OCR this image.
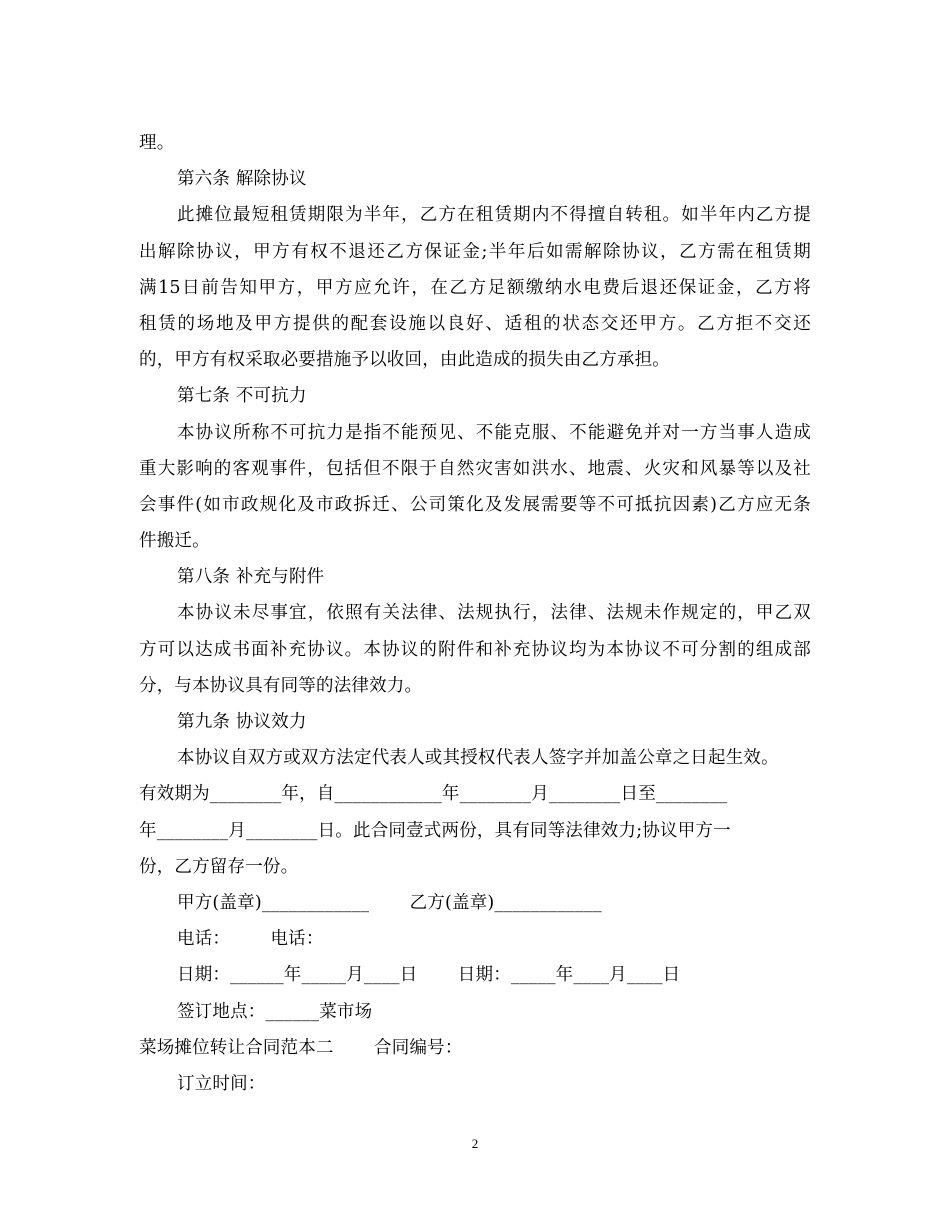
理。
第六条 解除协议
此摊位最短租赁期限为半年，乙方在租赁期内不得擅自转租。如半年内乙方提
出解除协议，甲方有权不退还乙方保证金;半年后如需解除协议，乙方需在租赁期
满15日前告知甲方，甲方应允许，在乙方足额缴纳水电费后退还保证金，乙方将
租赁的场地及甲方提供的配套设施以良好、适租的状态交还甲方。乙方拒不交还
的，甲方有权采取必要措施予以收回，由此造成的损失由乙方承担。
第七条 不可抗力
本协议所称不可抗力是指不能预见、不能克服、不能避免并对一方当事人造成
重大影响的客观事件，包括但不限于自然灾害如洪水、地震、火灾和风暴等以及社
会事件(如市政规化及市政拆迁、公司策化及发展需要等不可抵抗因素)乙方应无条
件搬迁。
第八条 补充与附件
本协议未尽事宜，依照有关法律、法规执行，法律、法规未作规定的，甲乙双
方可以达成书面补充协议。本协议的附件和补充协议均为本协议不可分割的组成部
分，与本协议具有同等的法律效力。
第九条 协议效力
本协议自双方或双方法定代表人或其授权代表人签字并加盖公章之日起生效。
有效期为________年，自____________年________月________日至________
年________月________日。此合同壹式两份，具有同等法律效力;协议甲方一
份，乙方留存一份。
甲方(盖章)____________       乙方(盖章)____________
电话：       电话：
日期：______年_____月____日       日期：_____年____月____日
签订地点：______菜市场
菜场摊位转让合同范本二       合同编号：
订立时间：
2
